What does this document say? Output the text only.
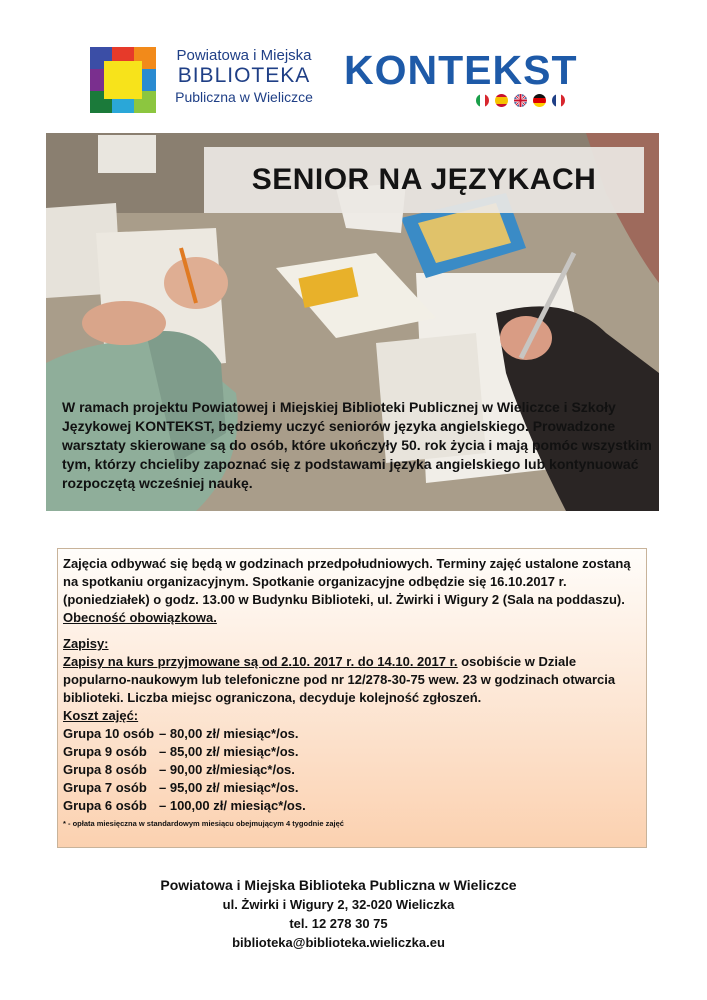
Powiatowa i Miejska
BIBLIOTEKA
Publiczna w Wieliczce
KONTEKST
SENIOR NA JĘZYKACH
W ramach projektu Powiatowej i Miejskiej Biblioteki Publicznej w Wieliczce i Szkoły Językowej KONTEKST, będziemy uczyć seniorów języka angielskiego. Prowadzone warsztaty skierowane są do osób, które ukończyły 50. rok życia i mają pomóc wszystkim tym, którzy chcieliby zapoznać się z podstawami języka angielskiego lub kontynuować rozpoczętą wcześniej naukę.

Zajęcia odbywać się będą w godzinach przedpołudniowych. Terminy zajęć ustalone zostaną na spotkaniu organizacyjnym. Spotkanie organizacyjne odbędzie się 16.10.2017 r. (poniedziałek) o godz. 13.00 w Budynku Biblioteki, ul. Żwirki i Wigury 2 (Sala na poddaszu). Obecność obowiązkowa.

Zapisy:

Zapisy na kurs przyjmowane są od 2.10. 2017 r. do 14.10. 2017 r. osobiście w Dziale popularno-naukowym lub telefoniczne pod nr 12/278-30-75 wew. 23 w godzinach otwarcia biblioteki. Liczba miejsc ograniczona, decyduje kolejność zgłoszeń.

Koszt zajęć:

Grupa 10 osób – 80,00 zł/ miesiąc*/os.
Grupa 9 osób – 85,00 zł/ miesiąc*/os.
Grupa 8 osób – 90,00 zł/miesiąc*/os.
Grupa 7 osób – 95,00 zł/ miesiąc*/os.
Grupa 6 osób – 100,00 zł/ miesiąc*/os.

* - opłata miesięczna w standardowym miesiącu obejmującym 4 tygodnie zajęć

Powiatowa i Miejska Biblioteka Publiczna w Wieliczce
ul. Żwirki i Wigury 2, 32-020 Wieliczka
tel. 12 278 30 75
biblioteka@biblioteka.wieliczka.eu
